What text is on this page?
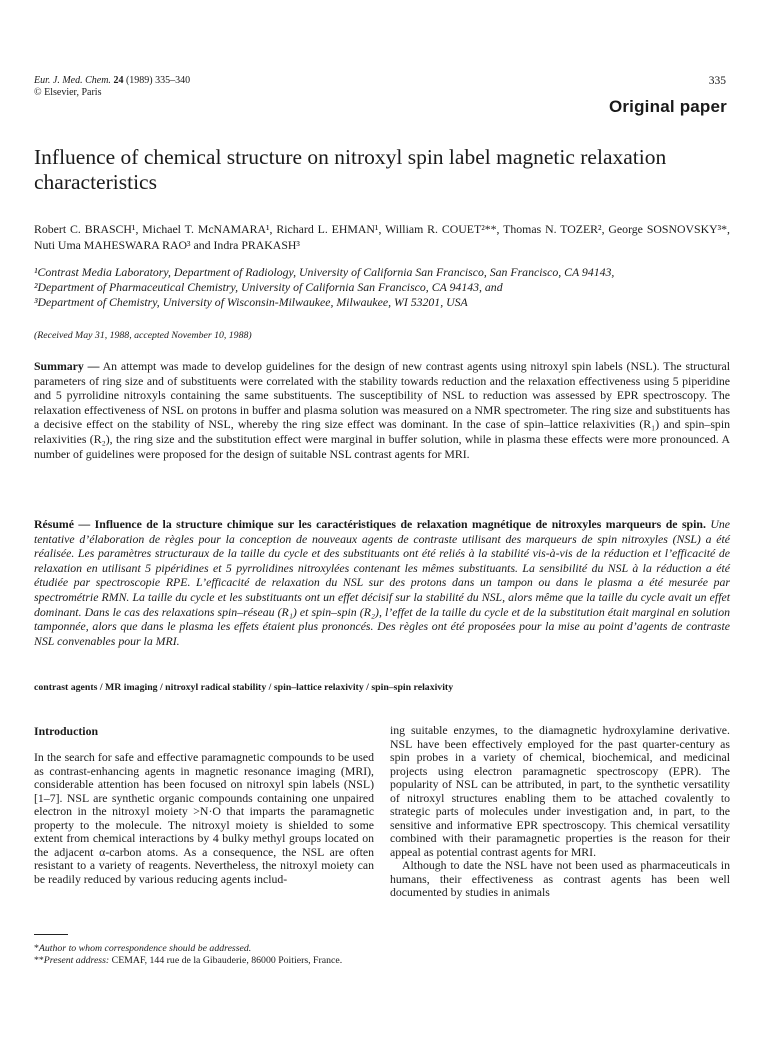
Eur. J. Med. Chem. 24 (1989) 335–340
© Elsevier, Paris
335
Original paper
Influence of chemical structure on nitroxyl spin label magnetic relaxation characteristics
Robert C. BRASCH¹, Michael T. McNAMARA¹, Richard L. EHMAN¹, William R. COUET²**, Thomas N. TOZER², George SOSNOVSKY³*, Nuti Uma MAHESWARA RAO³ and Indra PRAKASH³
¹Contrast Media Laboratory, Department of Radiology, University of California San Francisco, San Francisco, CA 94143,
²Department of Pharmaceutical Chemistry, University of California San Francisco, CA 94143, and
³Department of Chemistry, University of Wisconsin-Milwaukee, Milwaukee, WI 53201, USA
(Received May 31, 1988, accepted November 10, 1988)
Summary — An attempt was made to develop guidelines for the design of new contrast agents using nitroxyl spin labels (NSL). The structural parameters of ring size and of substituents were correlated with the stability towards reduction and the relaxation effectiveness using 5 piperidine and 5 pyrrolidine nitroxyls containing the same substituents. The susceptibility of NSL to reduction was assessed by EPR spectroscopy. The relaxation effectiveness of NSL on protons in buffer and plasma solution was measured on a NMR spectrometer. The ring size and substituents has a decisive effect on the stability of NSL, whereby the ring size effect was dominant. In the case of spin–lattice relaxivities (R₁) and spin–spin relaxivities (R₂), the ring size and the substitution effect were marginal in buffer solution, while in plasma these effects were more pronounced. A number of guidelines were proposed for the design of suitable NSL contrast agents for MRI.
Résumé — Influence de la structure chimique sur les caractéristiques de relaxation magnétique de nitroxyles marqueurs de spin. Une tentative d’élaboration de règles pour la conception de nouveaux agents de contraste utilisant des marqueurs de spin nitroxyles (NSL) a été réalisée. Les paramètres structuraux de la taille du cycle et des substituants ont été reliés à la stabilité vis-à-vis de la réduction et l’efficacité de relaxation en utilisant 5 pipéridines et 5 pyrrolidines nitroxylées contenant les mêmes substituants. La sensibilité du NSL à la réduction a été étudiée par spectroscopie RPE. L’efficacité de relaxation du NSL sur des protons dans un tampon ou dans le plasma a été mesurée par spectrométrie RMN. La taille du cycle et les substituants ont un effet décisif sur la stabilité du NSL, alors même que la taille du cycle avait un effet dominant. Dans le cas des relaxations spin–réseau (R₁) et spin–spin (R₂), l’effet de la taille du cycle et de la substitution était marginal en solution tamponnée, alors que dans le plasma les effets étaient plus prononcés. Des règles ont été proposées pour la mise au point d’agents de contraste NSL convenables pour la MRI.
contrast agents / MR imaging / nitroxyl radical stability / spin–lattice relaxivity / spin–spin relaxivity
Introduction

In the search for safe and effective paramagnetic compounds to be used as contrast-enhancing agents in magnetic resonance imaging (MRI), considerable attention has been focused on nitroxyl spin labels (NSL) [1–7]. NSL are synthetic organic compounds containing one unpaired electron in the nitroxyl moiety >N·O that imparts the paramagnetic property to the molecule. The nitroxyl moiety is shielded to some extent from chemical interactions by 4 bulky methyl groups located on the adjacent α-carbon atoms. As a consequence, the NSL are often resistant to a variety of reagents. Nevertheless, the nitroxyl moiety can be readily reduced by various reducing agents includ-

ing suitable enzymes, to the diamagnetic hydroxylamine derivative. NSL have been effectively employed for the past quarter-century as spin probes in a variety of chemical, biochemical, and medicinal projects using electron paramagnetic spectroscopy (EPR). The popularity of NSL can be attributed, in part, to the synthetic versatility of nitroxyl structures enabling them to be attached covalently to strategic parts of molecules under investigation and, in part, to the sensitive and informative EPR spectroscopy. This chemical versatility combined with their paramagnetic properties is the reason for their appeal as potential contrast agents for MRI.

Although to date the NSL have not been used as pharmaceuticals in humans, their effectiveness as contrast agents has been well documented by studies in animals

*Author to whom correspondence should be addressed.
**Present address: CEMAF, 144 rue de la Gibauderie, 86000 Poitiers, France.
